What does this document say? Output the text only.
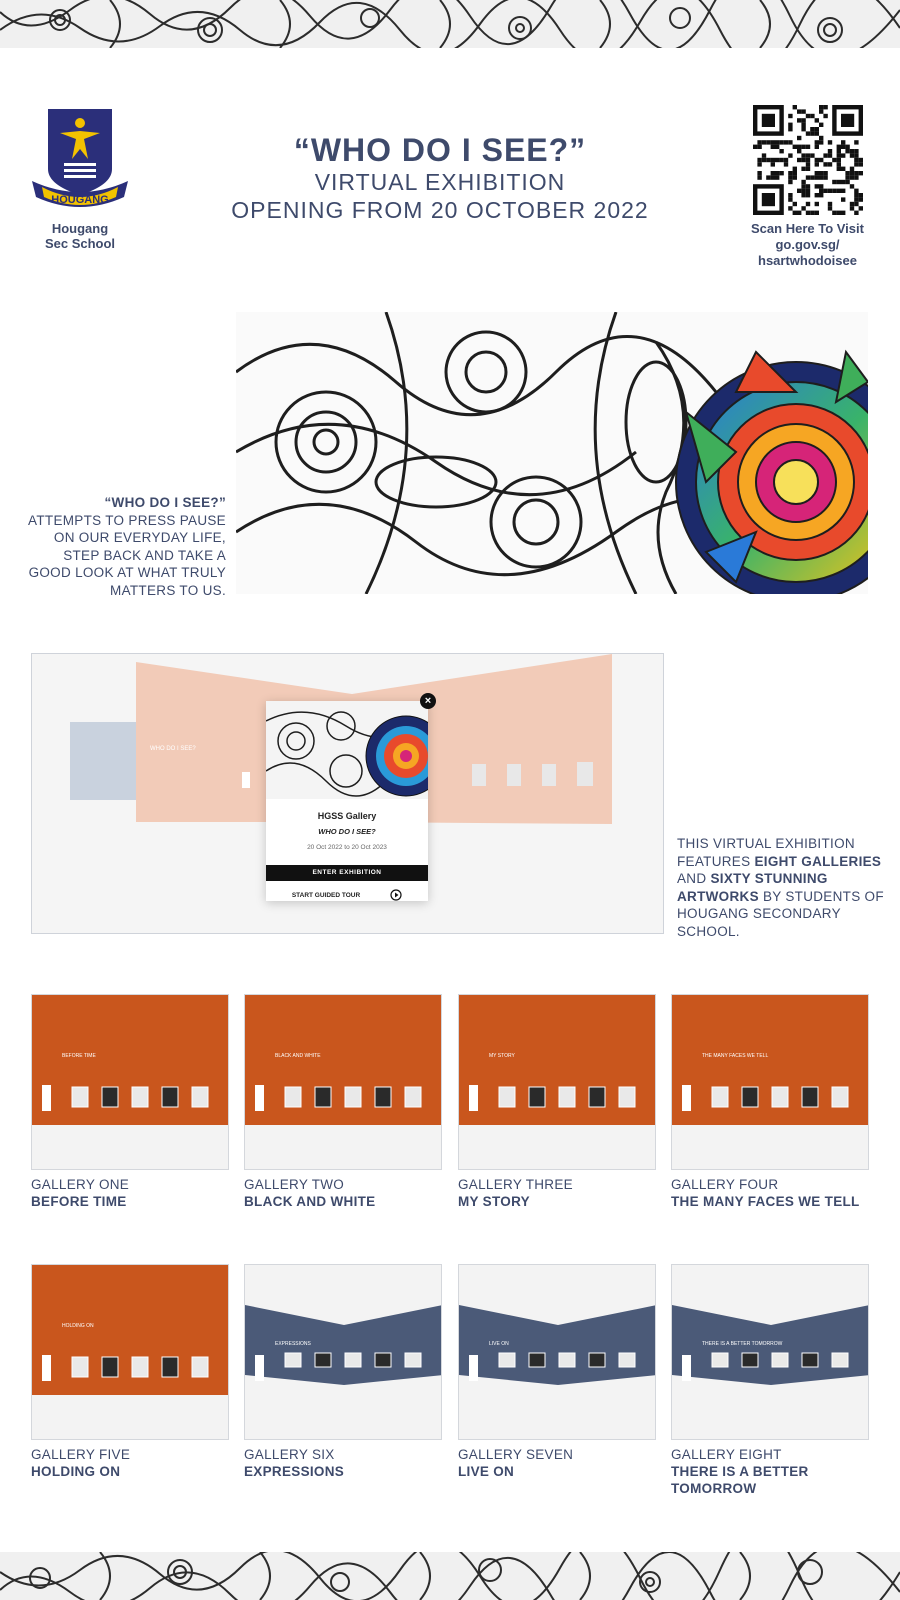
HOUGANG
Hougang
Sec School
“WHO DO I SEE?”
VIRTUAL EXHIBITION
OPENING FROM 20 OCTOBER 2022
Scan Here To Visit
go.gov.sg/
hsartwhodoisee
“WHO DO I SEE?”
ATTEMPTS TO PRESS PAUSE ON OUR EVERYDAY LIFE, STEP BACK AND TAKE A GOOD LOOK AT WHAT TRULY MATTERS TO US.
WHO DO I SEE?
HGSS Gallery
WHO DO I SEE?
20 Oct 2022 to 20 Oct 2023
ENTER EXHIBITION
START GUIDED TOUR
×
THIS VIRTUAL EXHIBITION FEATURES EIGHT GALLERIES AND SIXTY STUNNING ARTWORKS BY STUDENTS OF HOUGANG SECONDARY SCHOOL.
BEFORE TIME
GALLERY ONE
BEFORE TIME
BLACK AND WHITE
GALLERY TWO
BLACK AND WHITE
MY STORY
GALLERY THREE
MY STORY
THE MANY FACES WE TELL
GALLERY FOUR
THE MANY FACES WE TELL
HOLDING ON
GALLERY FIVE
HOLDING ON
EXPRESSIONS
GALLERY SIX
EXPRESSIONS
LIVE ON
GALLERY SEVEN
LIVE ON
THERE IS A BETTER TOMORROW
GALLERY EIGHT
THERE IS A BETTER TOMORROW
